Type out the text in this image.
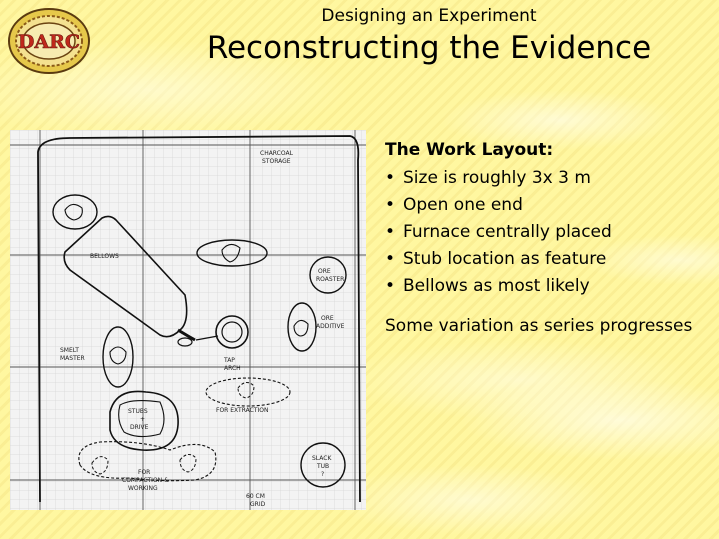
DARC
Designing an Experiment
Reconstructing the Evidence
CHARCOAL
STORAGE
BELLOWS
TAP
ARCH
ORE
ROASTER
ORE
ADDITIVE
SMELT
MASTER
FOR EXTRACTION
STUBS
+
DRIVE
FOR
COMPACTION &
WORKING
SLACK
TUB
?
60 CM
GRID
The Work Layout:
• Size is roughly 3x 3 m
• Open one end
• Furnace centrally placed
• Stub location as feature
• Bellows as most likely
Some variation as series progresses
